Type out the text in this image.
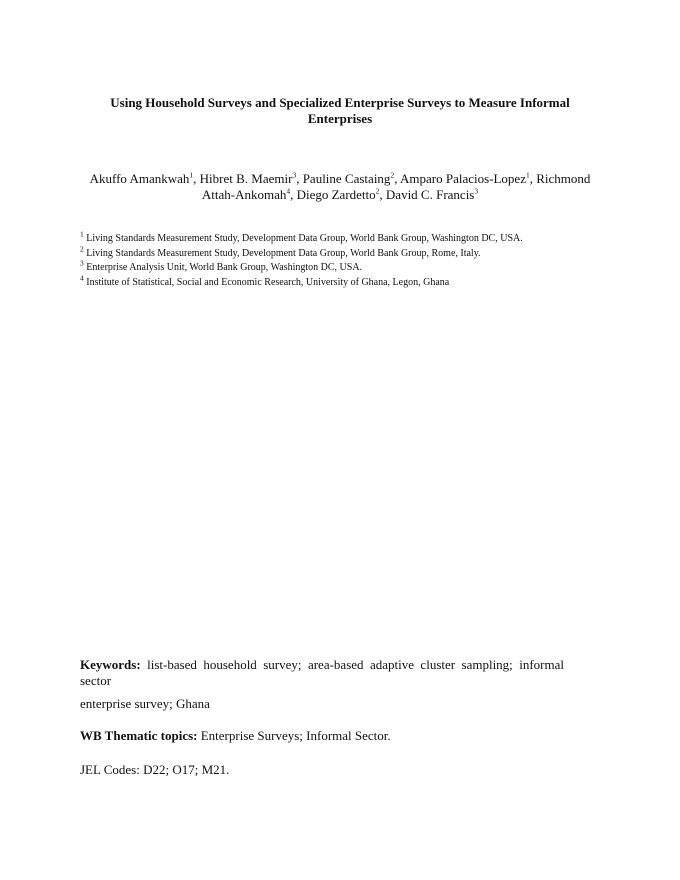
Using Household Surveys and Specialized Enterprise Surveys to Measure Informal
Enterprises
Akuffo Amankwah$^1$, Hibret B. Maemir$^3$, Pauline Castaing$^2$, Amparo Palacios-Lopez$^1$, Richmond Attah-Ankomah$^4$, Diego Zardetto$^2$, David C. Francis$^3$
$^1$ Living Standards Measurement Study, Development Data Group, World Bank Group, Washington DC, USA.
$^2$ Living Standards Measurement Study, Development Data Group, World Bank Group, Rome, Italy.
$^3$ Enterprise Analysis Unit, World Bank Group, Washington DC, USA.
$^4$ Institute of Statistical, Social and Economic Research, University of Ghana, Legon, Ghana
Keywords: list-based household survey; area-based adaptive cluster sampling; informal sector
enterprise survey; Ghana
WB Thematic topics: Enterprise Surveys; Informal Sector.
JEL Codes: D22; O17; M21.
